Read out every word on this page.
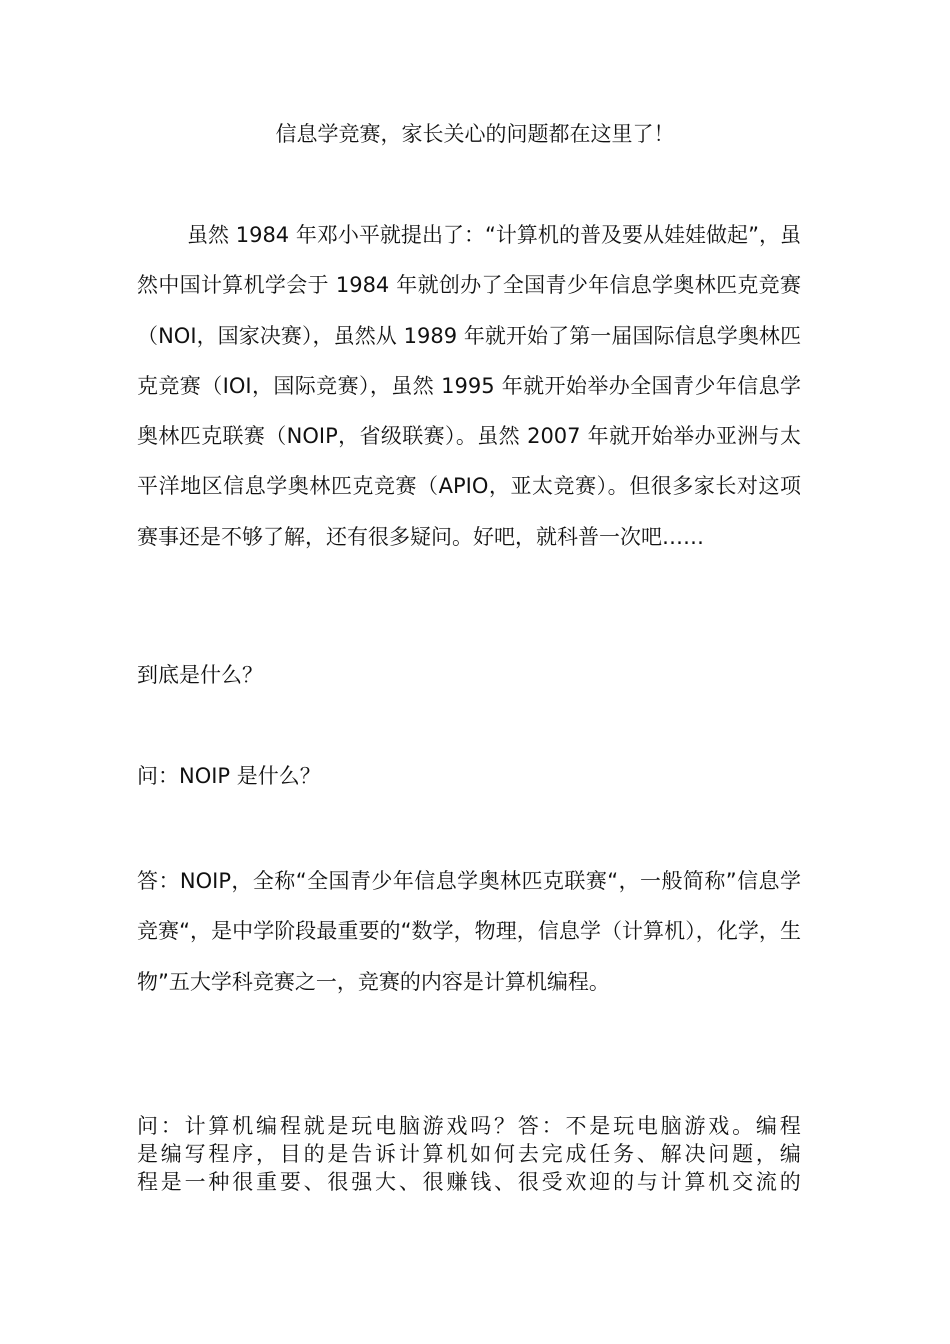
信息学竞赛，家长关心的问题都在这里了！

虽然 1984 年邓小平就提出了：“计算机的普及要从娃娃做起”，虽然中国计算机学会于 1984 年就创办了全国青少年信息学奥林匹克竞赛（NOI，国家决赛），虽然从 1989 年就开始了第一届国际信息学奥林匹克竞赛（IOI，国际竞赛），虽然 1995 年就开始举办全国青少年信息学奥林匹克联赛（NOIP，省级联赛）。虽然 2007 年就开始举办亚洲与太平洋地区信息学奥林匹克竞赛（APIO，亚太竞赛）。但很多家长对这项赛事还是不够了解，还有很多疑问。好吧，就科普一次吧……

到底是什么？

问：NOIP 是什么？

答：NOIP，全称“全国青少年信息学奥林匹克联赛“，一般简称”信息学竞赛“，是中学阶段最重要的“数学，物理，信息学（计算机），化学，生物”五大学科竞赛之一，竞赛的内容是计算机编程。

问：计算机编程就是玩电脑游戏吗？答：不是玩电脑游戏。编程
是编写程序，目的是告诉计算机如何去完成任务、解决问题，编
程是一种很重要、很强大、很赚钱、很受欢迎的与计算机交流的
